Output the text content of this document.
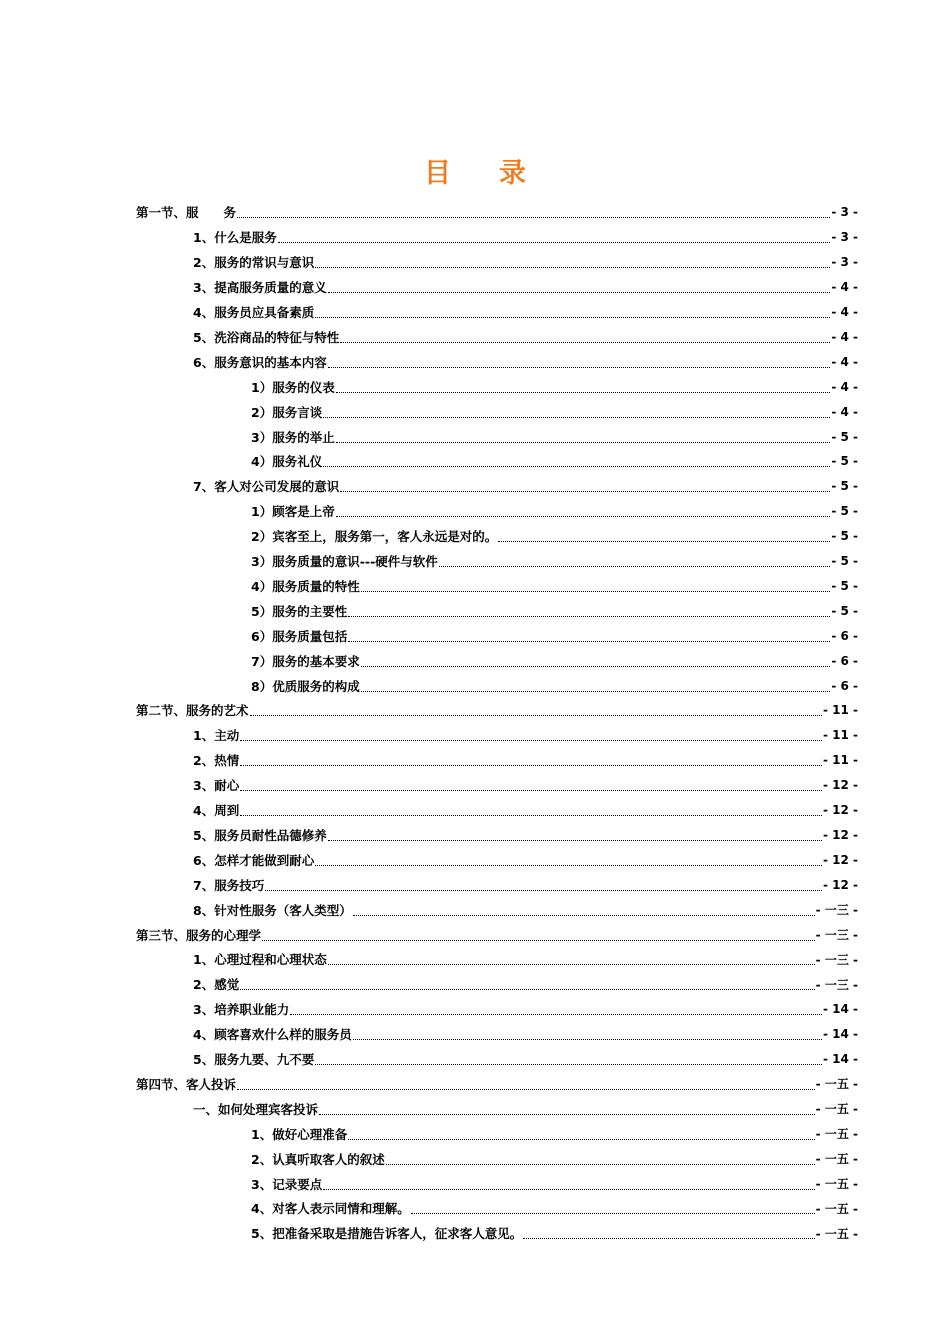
目录
第一节、服　　务	- 3 -
1、什么是服务	- 3 -
2、服务的常识与意识	- 3 -
3、提高服务质量的意义	- 4 -
4、服务员应具备素质	- 4 -
5、洗浴商品的特征与特性	- 4 -
6、服务意识的基本内容	- 4 -
1）服务的仪表	- 4 -
2）服务言谈	- 4 -
3）服务的举止	- 5 -
4）服务礼仪	- 5 -
7、客人对公司发展的意识	- 5 -
1）顾客是上帝	- 5 -
2）宾客至上，服务第一，客人永远是对的。	- 5 -
3）服务质量的意识---硬件与软件	- 5 -
4）服务质量的特性	- 5 -
5）服务的主要性	- 5 -
6）服务质量包括	- 6 -
7）服务的基本要求	- 6 -
8）优质服务的构成	- 6 -
第二节、服务的艺术	- 11 -
1、主动	- 11 -
2、热情	- 11 -
3、耐心	- 12 -
4、周到	- 12 -
5、服务员耐性品德修养	- 12 -
6、怎样才能做到耐心	- 12 -
7、服务技巧	- 12 -
8、针对性服务（客人类型）	- 一三 -
第三节、服务的心理学	- 一三 -
1、心理过程和心理状态	- 一三 -
2、感觉	- 一三 -
3、培养职业能力	- 14 -
4、顾客喜欢什么样的服务员	- 14 -
5、服务九要、九不要	- 14 -
第四节、客人投诉	- 一五 -
一、如何处理宾客投诉	- 一五 -
1、做好心理准备	- 一五 -
2、认真听取客人的叙述	- 一五 -
3、记录要点	- 一五 -
4、对客人表示同情和理解。	- 一五 -
5、把准备采取是措施告诉客人，征求客人意见。	- 一五 -
